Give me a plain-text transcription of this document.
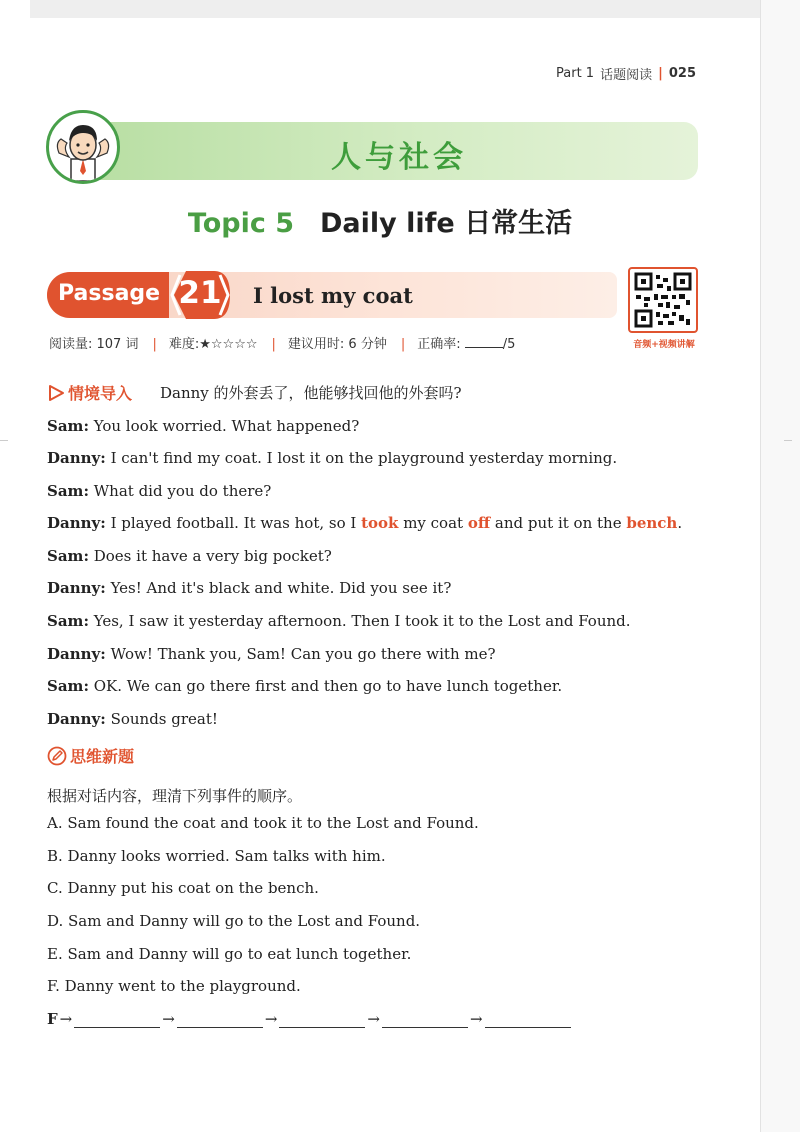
Part 1 话题阅读 | 025
人与社会
Topic 5 Daily life 日常生活
Passage 21 I lost my coat
音频+视频讲解
阅读量: 107 词 | 难度:★☆☆☆☆ | 建议用时: 6 分钟 | 正确率:	/5
情境导入 Danny 的外套丢了，他能够找回他的外套吗?
Sam: You look worried. What happened?
Danny: I can't find my coat. I lost it on the playground yesterday morning.
Sam: What did you do there?
Danny: I played football. It was hot, so I took my coat off and put it on the bench.
Sam: Does it have a very big pocket?
Danny: Yes! And it's black and white. Did you see it?
Sam: Yes, I saw it yesterday afternoon. Then I took it to the Lost and Found.
Danny: Wow! Thank you, Sam! Can you go there with me?
Sam: OK. We can go there first and then go to have lunch together.
Danny: Sounds great!
思维新题
根据对话内容，理清下列事件的顺序。
A. Sam found the coat and took it to the Lost and Found.
B. Danny looks worried. Sam talks with him.
C. Danny put his coat on the bench.
D. Sam and Danny will go to the Lost and Found.
E. Sam and Danny will go to eat lunch together.
F. Danny went to the playground.
F →	→	→	→	→
